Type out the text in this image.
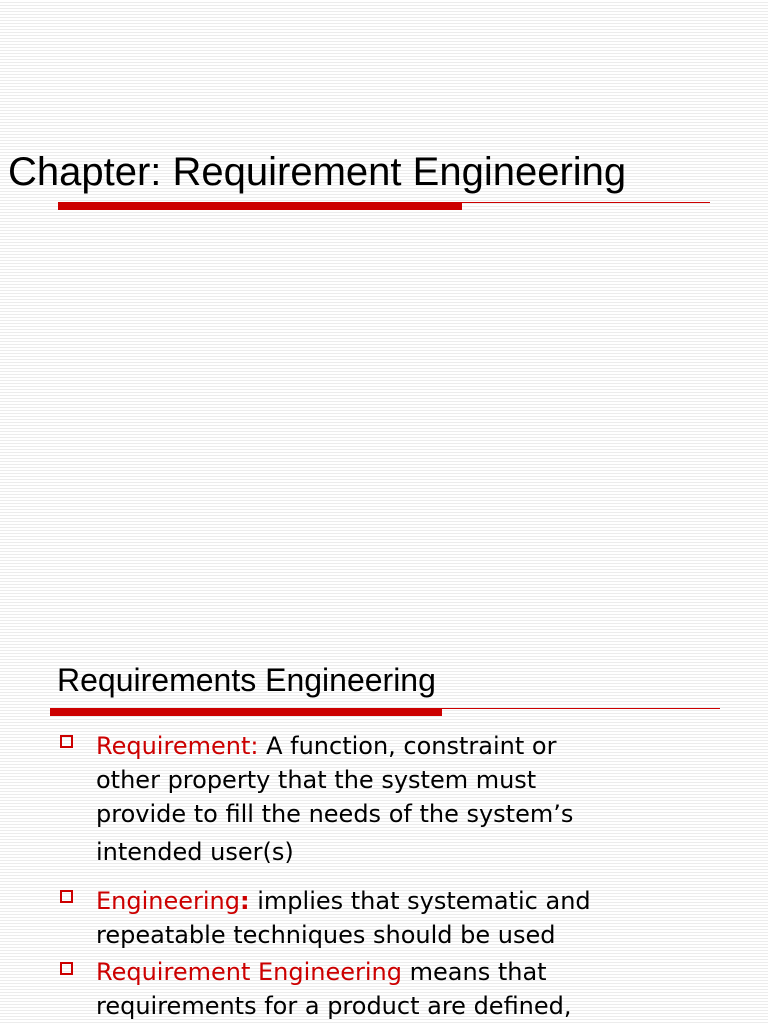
Chapter: Requirement Engineering
Requirements Engineering
Requirement: A function, constraint or
other property that the system must
provide to fill the needs of the system’s
intended user(s)
Engineering: implies that systematic and
repeatable techniques should be used
Requirement Engineering means that
requirements for a product are defined,
